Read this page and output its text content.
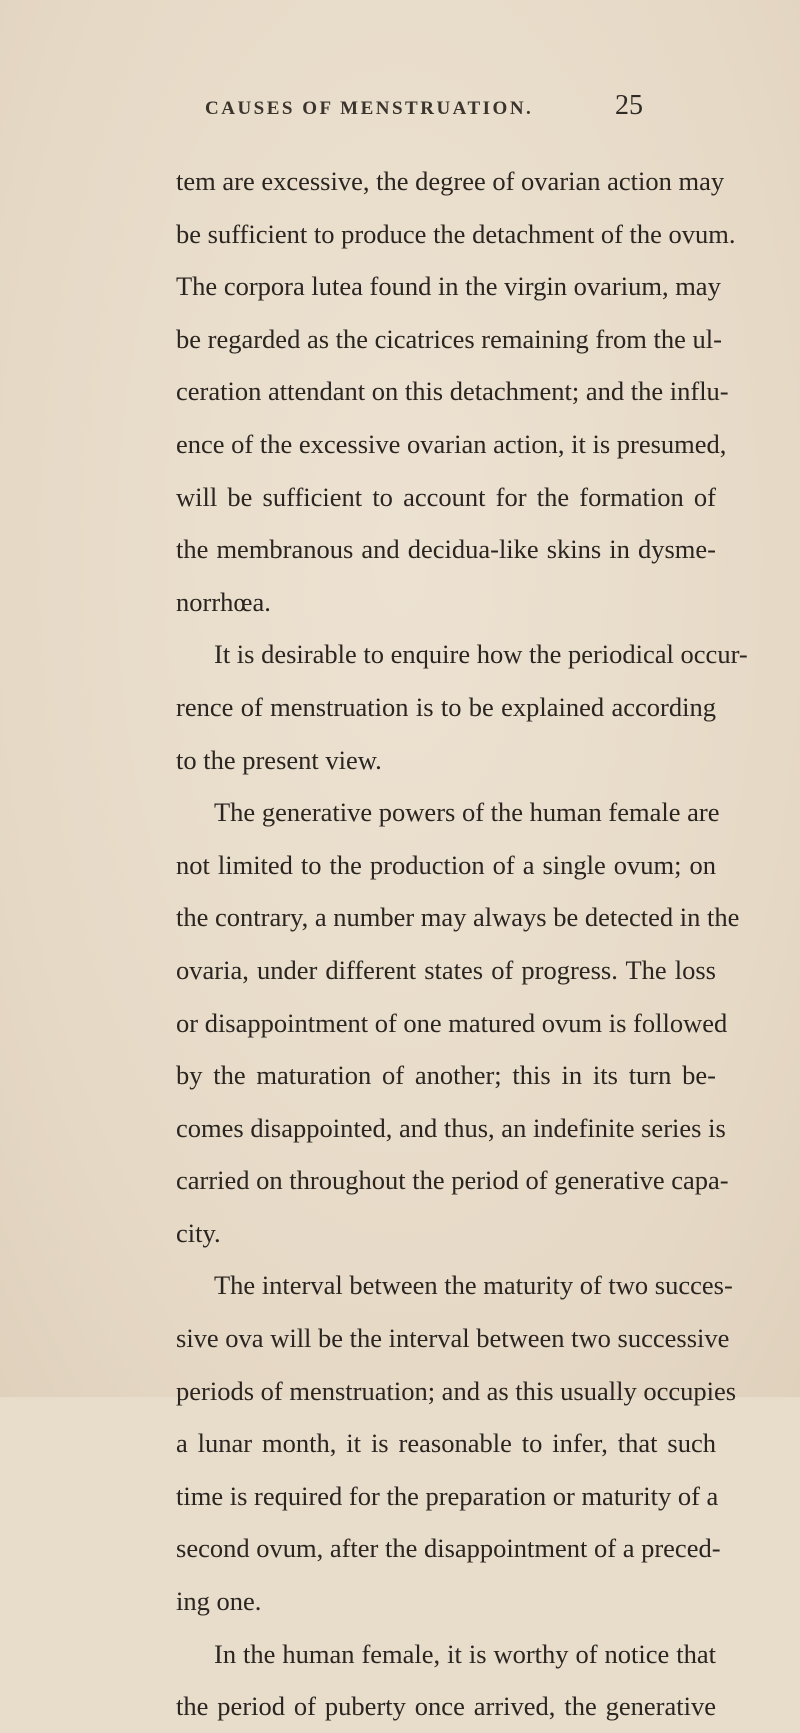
CAUSES OF MENSTRUATION.	25
tem are excessive, the degree of ovarian action may
be sufficient to produce the detachment of the ovum.
The corpora lutea found in the virgin ovarium, may
be regarded as the cicatrices remaining from the ul-
ceration attendant on this detachment; and the influ-
ence of the excessive ovarian action, it is presumed,
will be sufficient to account for the formation of
the membranous and decidua-like skins in dysme-
norrhœa.
It is desirable to enquire how the periodical occur-
rence of menstruation is to be explained according
to the present view.
The generative powers of the human female are
not limited to the production of a single ovum; on
the contrary, a number may always be detected in the
ovaria, under different states of progress. The loss
or disappointment of one matured ovum is followed
by the maturation of another; this in its turn be-
comes disappointed, and thus, an indefinite series is
carried on throughout the period of generative capa-
city.
The interval between the maturity of two succes-
sive ova will be the interval between two successive
periods of menstruation; and as this usually occupies
a lunar month, it is reasonable to infer, that such
time is required for the preparation or maturity of a
second ovum, after the disappointment of a preced-
ing one.
In the human female, it is worthy of notice that
the period of puberty once arrived, the generative
